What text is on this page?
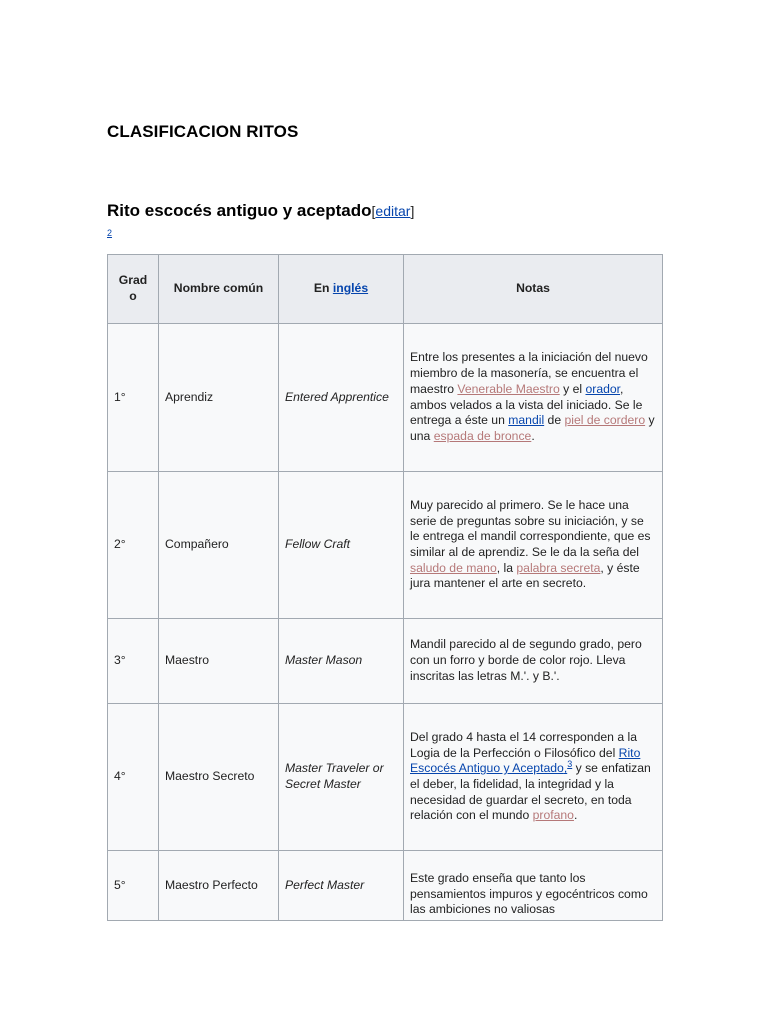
CLASIFICACION RITOS
Rito escocés antiguo y aceptado[editar]
2
Grad o	Nombre común	En inglés	Notas
1°	Aprendiz	Entered Apprentice	Entre los presentes a la iniciación del nuevo miembro de la masonería, se encuentra el maestro Venerable Maestro y el orador, ambos velados a la vista del iniciado. Se le entrega a éste un mandil de piel de cordero y una espada de bronce.
2°	Compañero	Fellow Craft	Muy parecido al primero. Se le hace una serie de preguntas sobre su iniciación, y se le entrega el mandil correspondiente, que es similar al de aprendiz. Se le da la seña del saludo de mano, la palabra secreta, y éste jura mantener el arte en secreto.
3°	Maestro	Master Mason	Mandil parecido al de segundo grado, pero con un forro y borde de color rojo. Lleva inscritas las letras M.'. y B.'.
4°	Maestro Secreto	Master Traveler or Secret Master	Del grado 4 hasta el 14 corresponden a la Logia de la Perfección o Filosófico del Rito Escocés Antiguo y Aceptado,$^3$ y se enfatizan el deber, la fidelidad, la integridad y la necesidad de guardar el secreto, en toda relación con el mundo profano.
5°	Maestro Perfecto	Perfect Master	Este grado enseña que tanto los pensamientos impuros y egocéntricos como las ambiciones no valiosas
